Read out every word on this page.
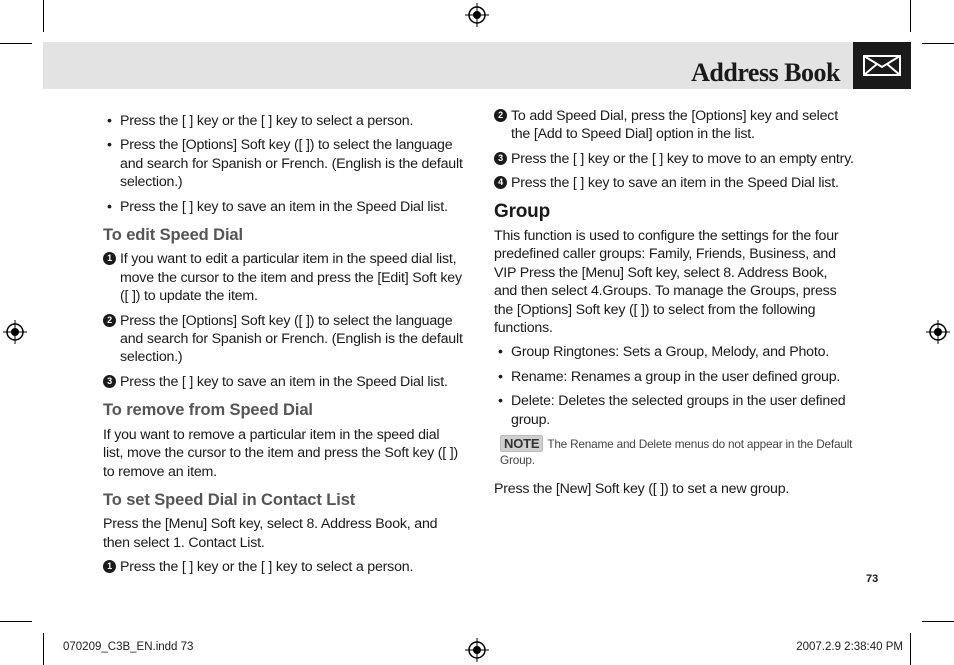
Address Book
• Press the [ ] key or the [ ] key to select a person.
• Press the [Options] Soft key ([ ]) to select the language and search for Spanish or French. (English is the default selection.)
• Press the [ ] key to save an item in the Speed Dial list.
To edit Speed Dial
1 If you want to edit a particular item in the speed dial list, move the cursor to the item and press the [Edit] Soft key ([ ]) to update the item.
2 Press the [Options] Soft key ([ ]) to select the language and search for Spanish or French. (English is the default selection.)
3 Press the [ ] key to save an item in the Speed Dial list.
To remove from Speed Dial
If you want to remove a particular item in the speed dial list, move the cursor to the item and press the Soft key ([ ]) to remove an item.
To set Speed Dial in Contact List
Press the [Menu] Soft key, select 8. Address Book, and then select 1. Contact List.
1 Press the [ ] key or the [ ] key to select a person.
2 To add Speed Dial, press the [Options] key and select the [Add to Speed Dial] option in the list.
3 Press the [ ] key or the [ ] key to move to an empty entry.
4 Press the [ ] key to save an item in the Speed Dial list.
Group
This function is used to configure the settings for the four predefined caller groups: Family, Friends, Business, and VIP Press the [Menu] Soft key, select 8. Address Book, and then select 4.Groups. To manage the Groups, press the [Options] Soft key ([ ]) to select from the following functions.
• Group Ringtones: Sets a Group, Melody, and Photo.
• Rename: Renames a group in the user defined group.
• Delete: Deletes the selected groups in the user defined group.
NOTE The Rename and Delete menus do not appear in the Default Group.
Press the [New] Soft key ([ ]) to set a new group.
73
070209_C3B_EN.indd 73	2007.2.9 2:38:40 PM
